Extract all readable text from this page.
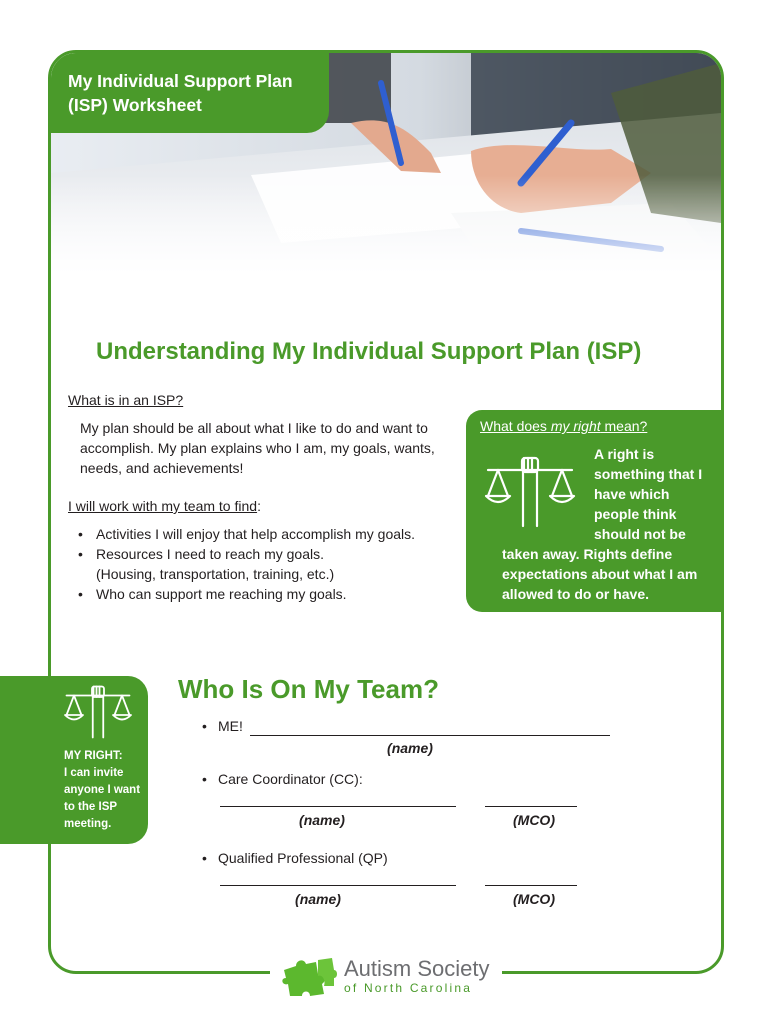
My Individual Support Plan
(ISP) Worksheet
Understanding My Individual Support Plan (ISP)
What is in an ISP?

My plan should be all about what I like to do and want to accomplish. My plan explains who I am, my goals, wants, needs, and achievements!

I will work with my team to find:
• Activities I will enjoy that help accomplish my goals.
• Resources I need to reach my goals.
(Housing, transportation, training, etc.)
• Who can support me reaching my goals.
What does my right mean?

A right is something that I have which people think should not be

taken away. Rights define expectations about what I am allowed to do or have.

MY RIGHT:
I can invite anyone I want to the ISP meeting.
Who Is On My Team?
• ME!
(name)
• Care Coordinator (CC):
(name)	(MCO)
• Qualified Professional (QP)
(name)	(MCO)
Autism Society
of North Carolina
